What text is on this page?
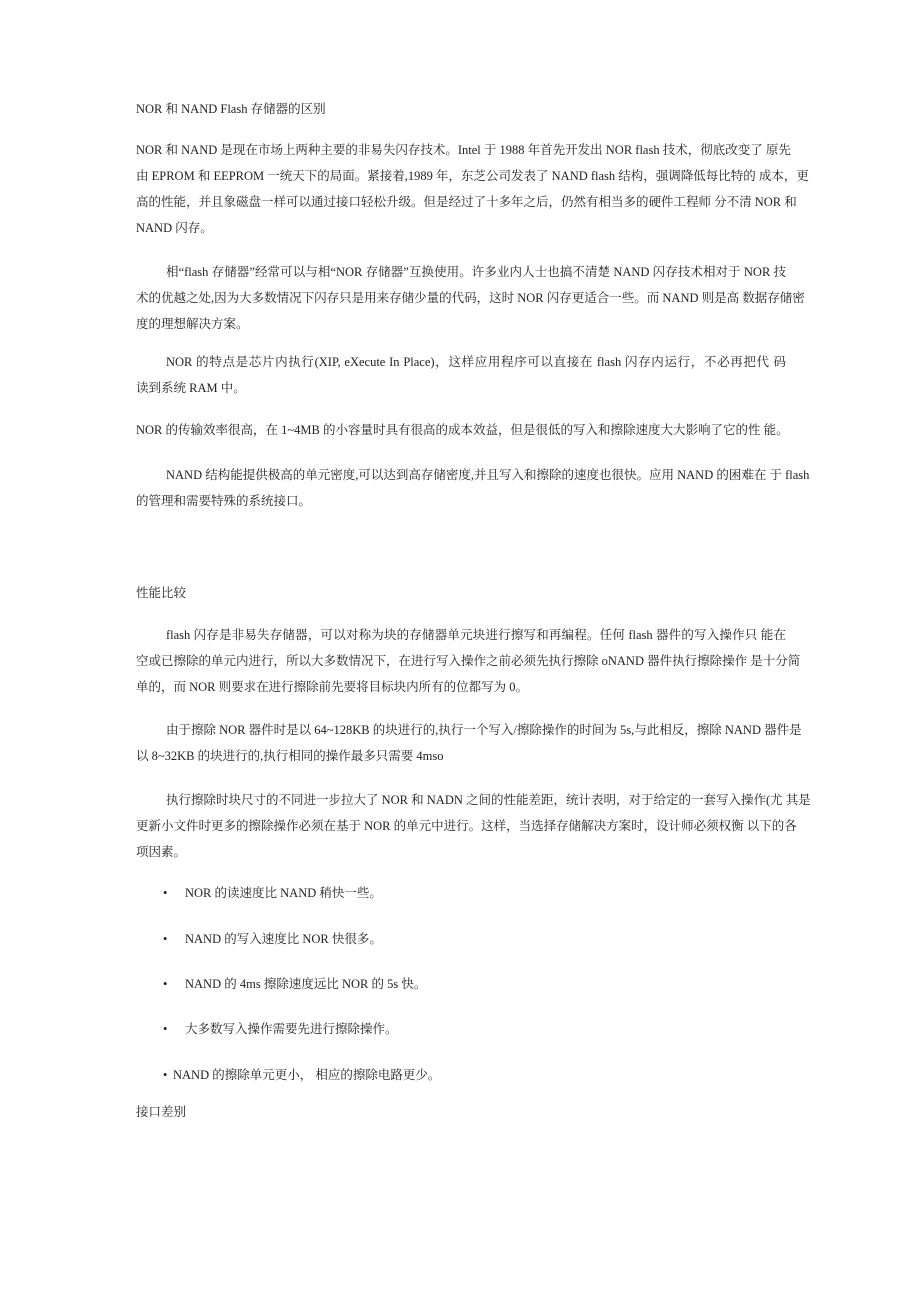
NOR 和 NAND Flash 存储器的区别
NOR 和 NAND 是现在市场上两种主要的非易失闪存技术。Intel 于 1988 年首先开发出 NOR flash 技术，彻底改变了 原先
由 EPROM 和 EEPROM 一统天下的局面。紧接着,1989 年，东芝公司发表了 NAND flash 结构，强调降低每比特的 成本，更
高的性能，并且象磁盘一样可以通过接口轻松升级。但是经过了十多年之后，仍然有相当多的硬件工程师 分不清 NOR 和
NAND 闪存。
相“flash 存储器”经常可以与相“NOR 存储器”互换使用。许多业内人士也搞不清楚 NAND 闪存技术相对于 NOR 技
术的优越之处,因为大多数情况下闪存只是用来存储少量的代码，这时 NOR 闪存更适合一些。而 NAND 则是高 数据存储密
度的理想解决方案。
NOR 的特点是芯片内执行(XIP, eXecute In Place)，这样应用程序可以直接在 flash 闪存内运行，不必再把代 码
读到系统 RAM 中。
NOR 的传输效率很高，在 1~4MB 的小容量时具有很高的成本效益，但是很低的写入和擦除速度大大影响了它的性 能。
NAND 结构能提供极高的单元密度,可以达到高存储密度,并且写入和擦除的速度也很快。应用 NAND 的困难在 于 flash
的管理和需要特殊的系统接口。
性能比较
flash 闪存是非易失存储器，可以对称为块的存储器单元块进行擦写和再编程。任何 flash 器件的写入操作只 能在
空或已擦除的单元内进行，所以大多数情况下，在进行写入操作之前必须先执行擦除 oNAND 器件执行擦除操作 是十分简
单的，而 NOR 则要求在进行擦除前先要将目标块内所有的位都写为 0。
由于擦除 NOR 器件时是以 64~128KB 的块进行的,执行一个写入/擦除操作的时间为 5s,与此相反，擦除 NAND 器件是
以 8~32KB 的块进行的,执行相同的操作最多只需要 4mso
执行擦除时块尺寸的不同进一步拉大了 NOR 和 NADN 之间的性能差距，统计表明，对于给定的一套写入操作(尤 其是
更新小文件时更多的擦除操作必须在基于 NOR 的单元中进行。这样，当选择存储解决方案时，设计师必须权衡 以下的各
项因素。
• NOR 的读速度比 NAND 稍快一些。
• NAND 的写入速度比 NOR 快很多。
• NAND 的 4ms 擦除速度远比 NOR 的 5s 快。
• 大多数写入操作需要先进行擦除操作。
• NAND 的擦除单元更小， 相应的擦除电路更少。
接口差别
